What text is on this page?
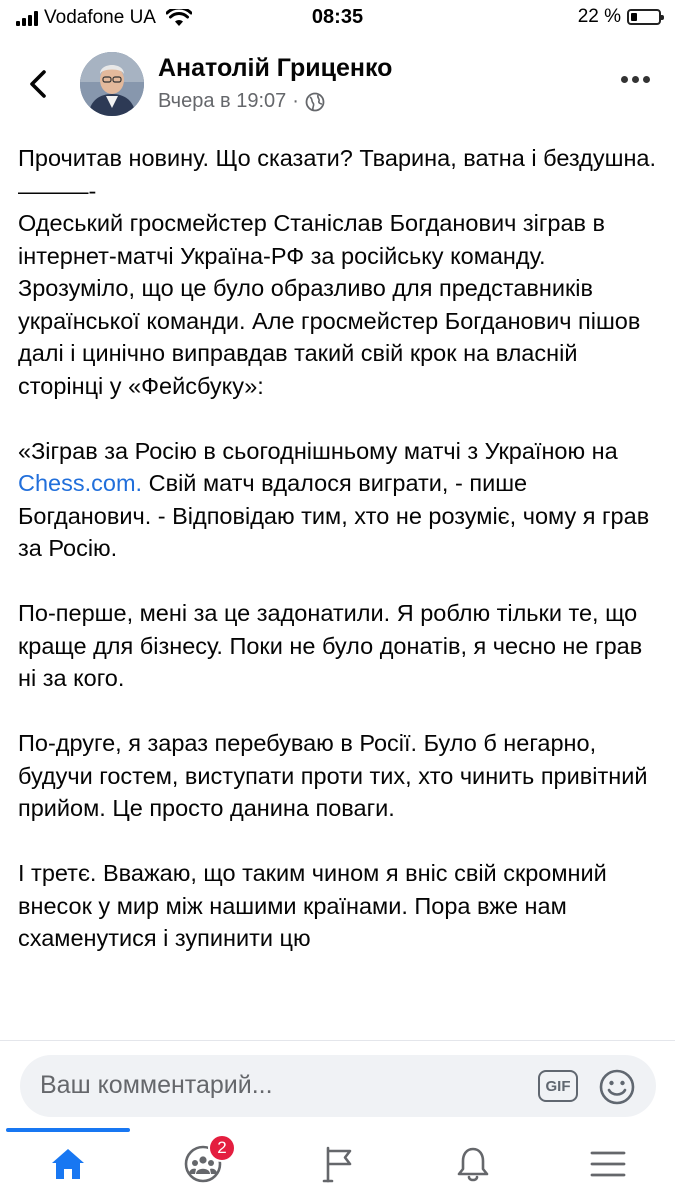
Vodafone UA	08:35	22 %
Анатолій Гриценко
Вчера в 19:07 ·

Прочитав новину. Що сказати? Тварина, ватна і бездушна.

———-

Одеський гросмейстер Станіслав Богданович зіграв в інтернет-матчі Україна-РФ за російську команду. Зрозуміло, що це було образливо для представників української команди. Але гросмейстер Богданович пішов далі і цинічно виправдав такий свій крок на власній сторінці у «Фейсбуку»:

«Зіграв за Росію в сьогоднішньому матчі з Україною на Chess.com. Свій матч вдалося виграти, - пише Богданович. - Відповідаю тим, хто не розуміє, чому я грав за Росію.

По-перше, мені за це задонатили. Я роблю тільки те, що краще для бізнесу. Поки не було донатів, я чесно не грав ні за кого.

По-друге, я зараз перебуваю в Росії. Було б негарно, будучи гостем, виступати проти тих, хто чинить привітний прийом. Це просто данина поваги.

І третє. Вважаю, що таким чином я вніс свій скромний внесок у мир між нашими країнами. Пора вже нам схаменутися і зупинити цю

Ваш комментарий...	GIF
2
